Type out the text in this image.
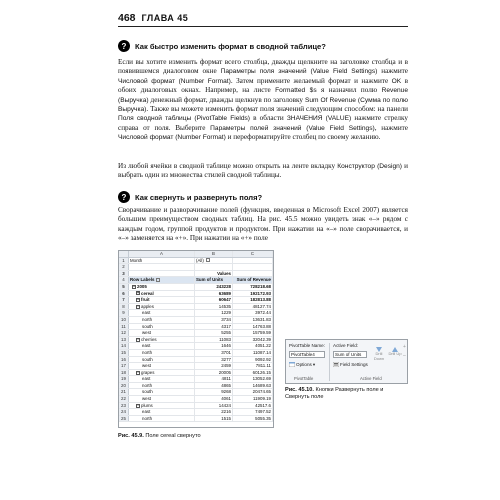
468 ГЛАВА 45
?	Как быстро изменить формат в сводной таблице?
Если вы хотите изменить формат всего столбца, дважды щелкните на заголовке столбца и в появившемся диалоговом окне Параметры поля значений (Value Field Settings) нажмите Числовой формат (Number Format). Затем примените желаемый формат и нажмите OK в обоих диалоговых окнах. Например, на листе Formatted $s я назначил полю Revenue (Выручка) денежный формат, дважды щелкнув по заголовку Sum Of Revenue (Сумма по полю Выручка). Также вы можете изменить формат поля значений следующим способом: на панели Поля сводной таблицы (PivotTable Fields) в области ЗНАЧЕНИЯ (VALUE) нажмите стрелку справа от поля. Выберите Параметры полей значений (Value Field Settings), нажмите Числовой формат (Number Format) и переформатируйте столбец по своему желанию.
Из любой ячейки в сводной таблице можно открыть на ленте вкладку Конструктор (Design) и выбрать один из множества стилей сводной таблицы.
?	Как свернуть и развернуть поля?
Сворачивание и разворачивание полей (функция, введенная в Microsoft Excel 2007) является большим преимуществом сводных таблиц. На рис. 45.5 можно увидеть знак «–» рядом с каждым годом, группой продуктов и продуктом. При нажатии на «–» поле сворачивается, и «–» заменяется на «+». При нажатии на «+» поле
A	B	C
1	Month	(All)
2
3	Values
4	Row Labels	Sum of Units	Sum of Revenue
5	− 2005	243228	728218.68
6	+ cereal	63689	192172.93
7	− fruit	60647	182813.88
8	− apples	14535	48127.74
9	east	1229	3972.44
10	north	3734	13631.83
11	south	4317	14763.88
12	west	5255	15759.59
13	− cherries	11083	32042.39
14	east	1646	4051.22
15	north	3701	11087.14
16	south	3277	9092.92
17	west	2459	7811.11
18	− grapes	20005	60126.15
19	east	4811	13052.69
20	north	4865	14689.63
21	south	9268	20474.65
22	west	4061	11909.19
23	− plums	14424	42517.6
24	east	2216	7497.52
25	north	1515	5055.35
Рис. 45.9. Поле cereal свернуто
PivotTable Name:
PivotTable4
Options ▾
PivotTable
Active Field:
Sum of Units
Field Settings
Drill Down
Drill Up
+
–
Active Field
Рис. 45.10. Кнопки Развернуть поле и Свернуть поле
